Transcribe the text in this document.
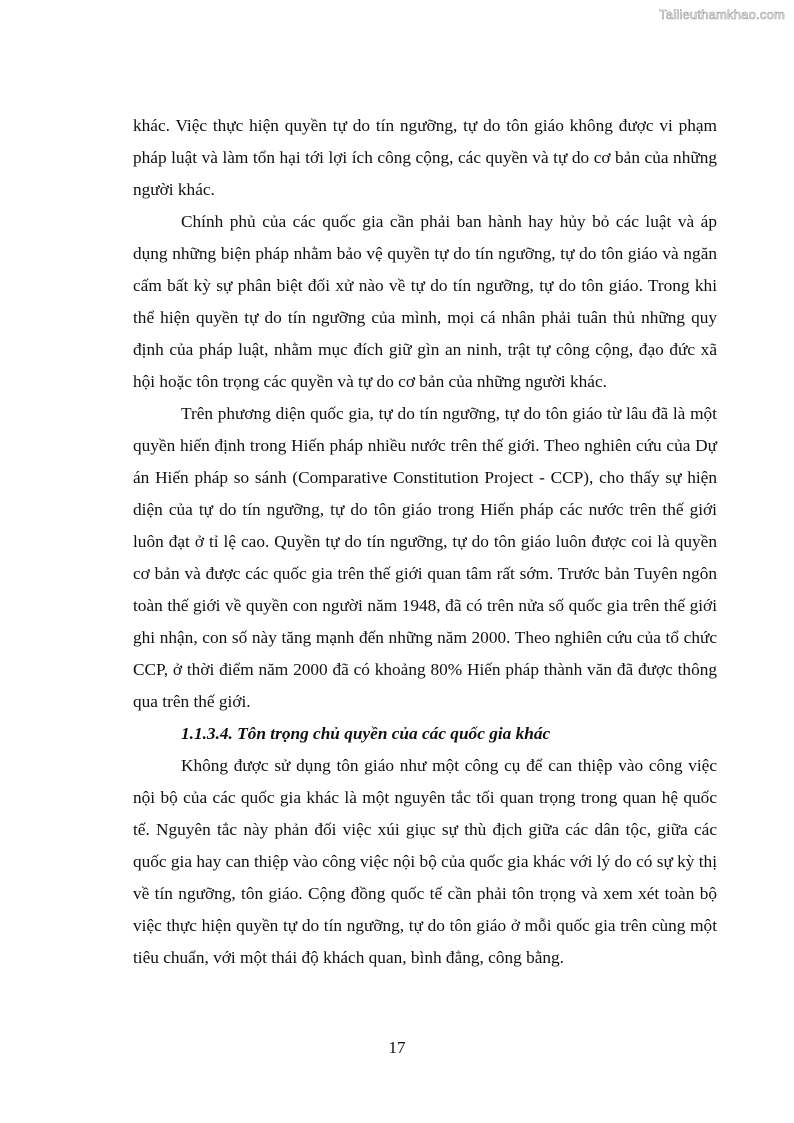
Tailieuthamkhao.com

khác. Việc thực hiện quyền tự do tín ngưỡng, tự do tôn giáo không được vi phạm pháp luật và làm tổn hại tới lợi ích công cộng, các quyền và tự do cơ bản của những người khác.

Chính phủ của các quốc gia cần phải ban hành hay hủy bỏ các luật và áp dụng những biện pháp nhằm bảo vệ quyền tự do tín ngưỡng, tự do tôn giáo và ngăn cấm bất kỳ sự phân biệt đối xử nào về tự do tín ngưỡng, tự do tôn giáo. Trong khi thể hiện quyền tự do tín ngưỡng của mình, mọi cá nhân phải tuân thủ những quy định của pháp luật, nhằm mục đích giữ gìn an ninh, trật tự công cộng, đạo đức xã hội hoặc tôn trọng các quyền và tự do cơ bản của những người khác.

Trên phương diện quốc gia, tự do tín ngưỡng, tự do tôn giáo từ lâu đã là một quyền hiến định trong Hiến pháp nhiều nước trên thế giới. Theo nghiên cứu của Dự án Hiến pháp so sánh (Comparative Constitution Project - CCP), cho thấy sự hiện diện của tự do tín ngưỡng, tự do tôn giáo trong Hiến pháp các nước trên thế giới luôn đạt ở tỉ lệ cao. Quyền tự do tín ngưỡng, tự do tôn giáo luôn được coi là quyền cơ bản và được các quốc gia trên thế giới quan tâm rất sớm. Trước bản Tuyên ngôn toàn thế giới về quyền con người năm 1948, đã có trên nửa số quốc gia trên thế giới ghi nhận, con số này tăng mạnh đến những năm 2000. Theo nghiên cứu của tổ chức CCP, ở thời điểm năm 2000 đã có khoảng 80% Hiến pháp thành văn đã được thông qua trên thế giới.

1.1.3.4. Tôn trọng chủ quyền của các quốc gia khác

Không được sử dụng tôn giáo như một công cụ để can thiệp vào công việc nội bộ của các quốc gia khác là một nguyên tắc tối quan trọng trong quan hệ quốc tế. Nguyên tắc này phản đối việc xúi giục sự thù địch giữa các dân tộc, giữa các quốc gia hay can thiệp vào công việc nội bộ của quốc gia khác với lý do có sự kỳ thị về tín ngưỡng, tôn giáo. Cộng đồng quốc tế cần phải tôn trọng và xem xét toàn bộ việc thực hiện quyền tự do tín ngưỡng, tự do tôn giáo ở mỗi quốc gia trên cùng một tiêu chuẩn, với một thái độ khách quan, bình đẳng, công bằng.

17
